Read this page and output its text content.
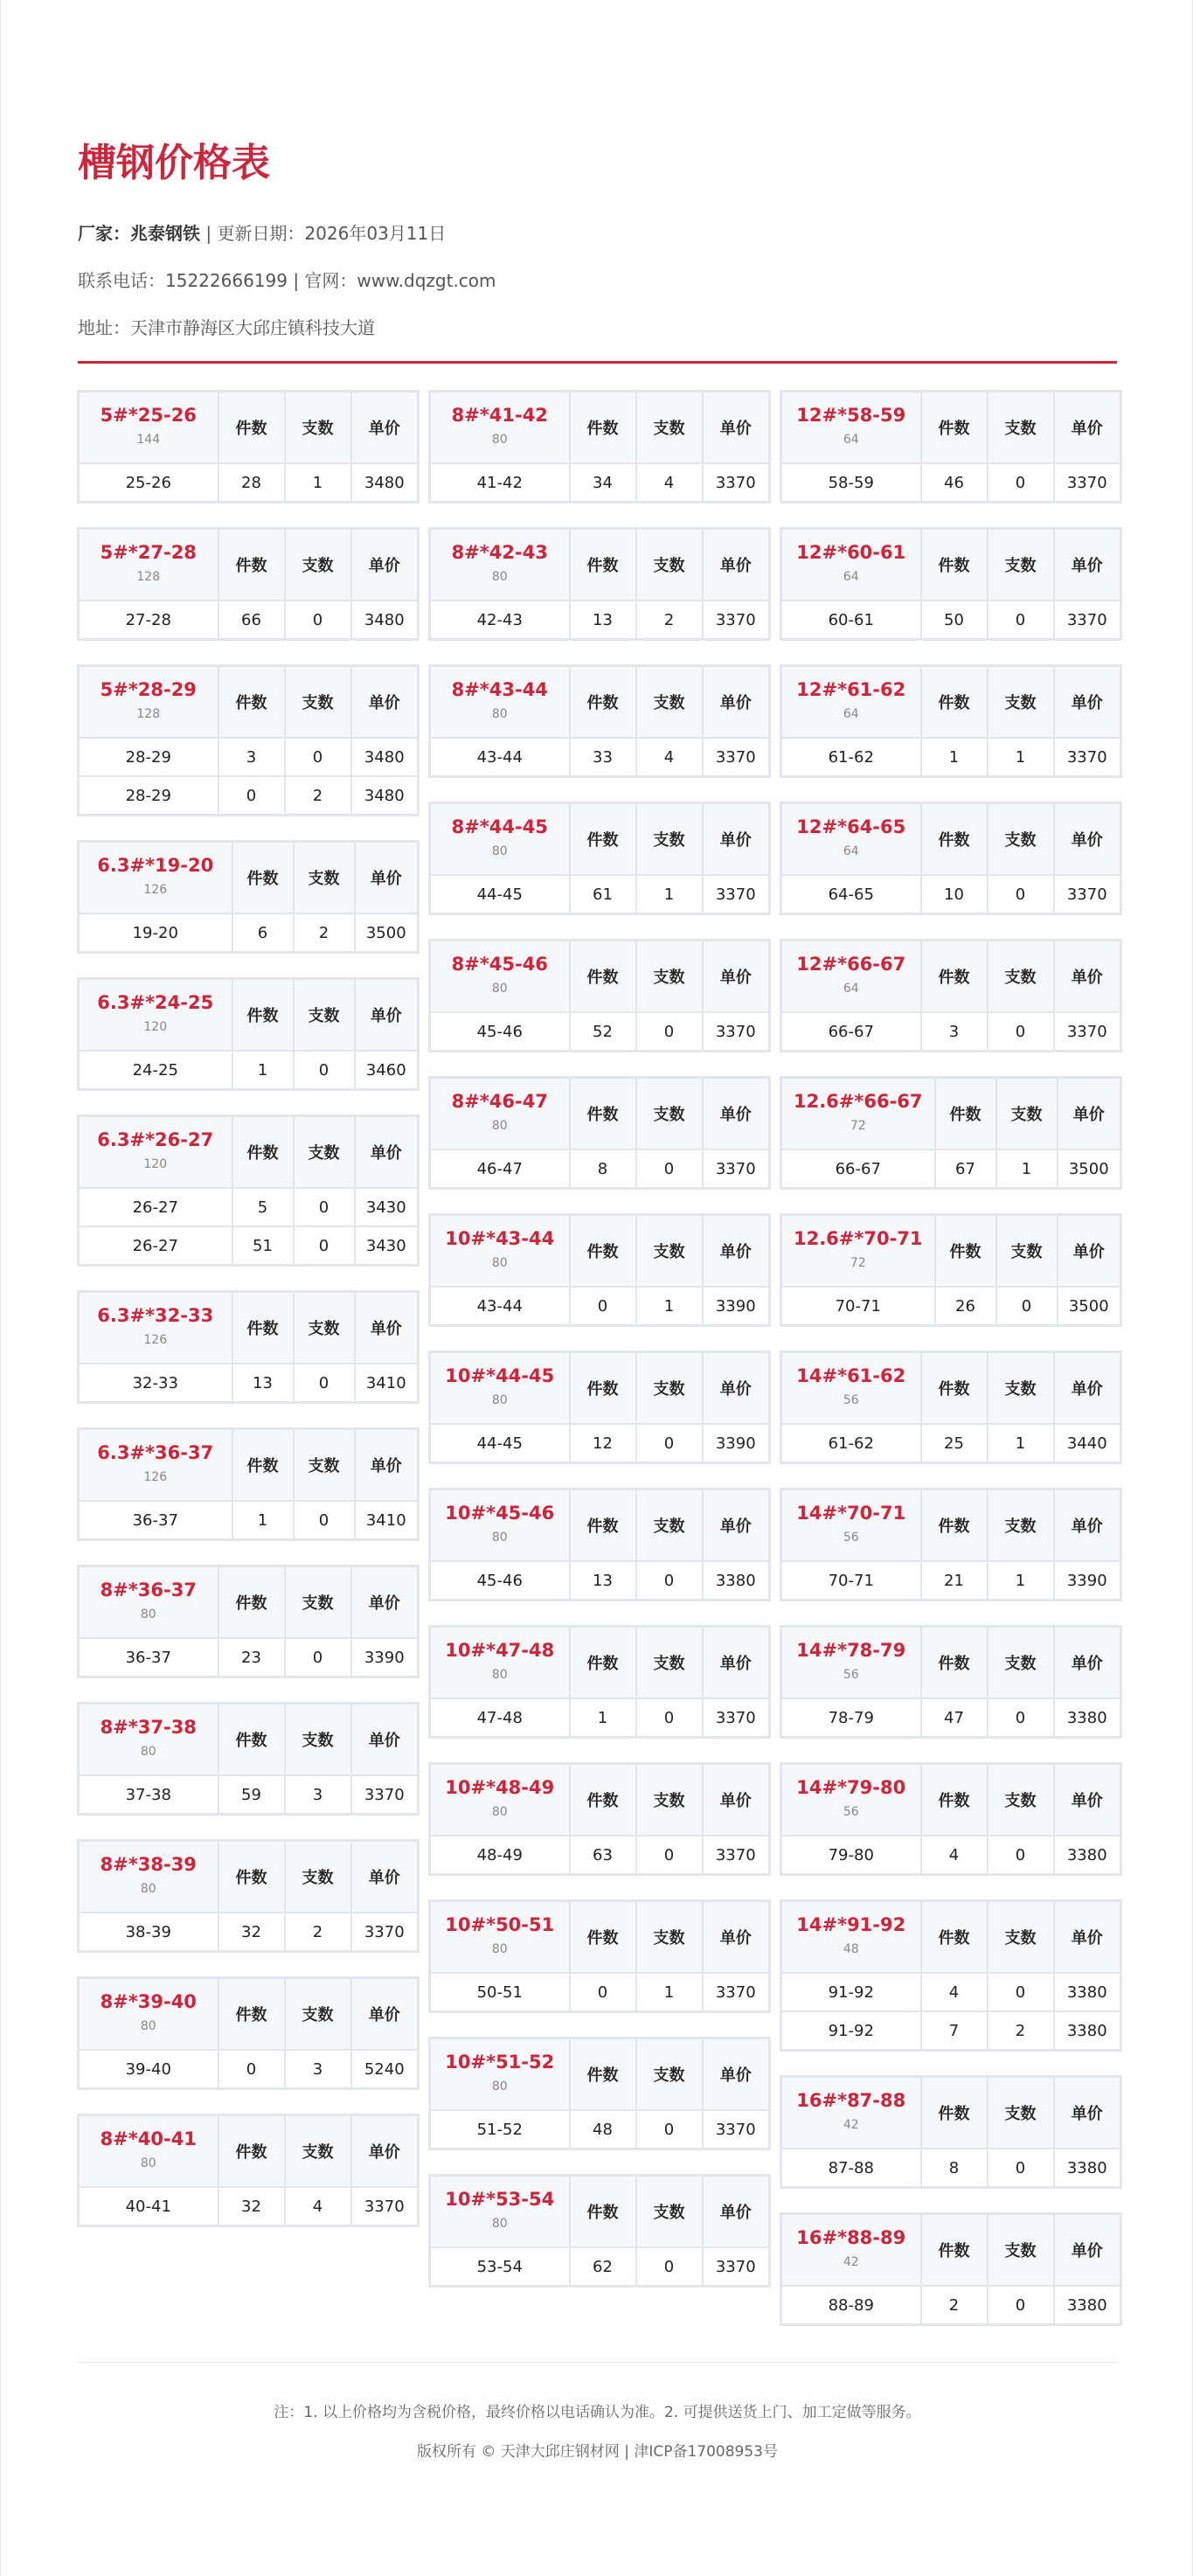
槽钢价格表
厂家：兆泰钢铁 | 更新日期：2026年03月11日
联系电话：15222666199 | 官网：www.dqzgt.com
地址：天津市静海区大邱庄镇科技大道
5#*25-26
144	件数	支数	单价
25-26	28	1	3480
5#*27-28
128	件数	支数	单价
27-28	66	0	3480
5#*28-29
128	件数	支数	单价
28-29	3	0	3480
28-29	0	2	3480
6.3#*19-20
126	件数	支数	单价
19-20	6	2	3500
6.3#*24-25
120	件数	支数	单价
24-25	1	0	3460
6.3#*26-27
120	件数	支数	单价
26-27	5	0	3430
26-27	51	0	3430
6.3#*32-33
126	件数	支数	单价
32-33	13	0	3410
6.3#*36-37
126	件数	支数	单价
36-37	1	0	3410
8#*36-37
80	件数	支数	单价
36-37	23	0	3390
8#*37-38
80	件数	支数	单价
37-38	59	3	3370
8#*38-39
80	件数	支数	单价
38-39	32	2	3370
8#*39-40
80	件数	支数	单价
39-40	0	3	5240
8#*40-41
80	件数	支数	单价
40-41	32	4	3370
8#*41-42
80	件数	支数	单价
41-42	34	4	3370
8#*42-43
80	件数	支数	单价
42-43	13	2	3370
8#*43-44
80	件数	支数	单价
43-44	33	4	3370
8#*44-45
80	件数	支数	单价
44-45	61	1	3370
8#*45-46
80	件数	支数	单价
45-46	52	0	3370
8#*46-47
80	件数	支数	单价
46-47	8	0	3370
10#*43-44
80	件数	支数	单价
43-44	0	1	3390
10#*44-45
80	件数	支数	单价
44-45	12	0	3390
10#*45-46
80	件数	支数	单价
45-46	13	0	3380
10#*47-48
80	件数	支数	单价
47-48	1	0	3370
10#*48-49
80	件数	支数	单价
48-49	63	0	3370
10#*50-51
80	件数	支数	单价
50-51	0	1	3370
10#*51-52
80	件数	支数	单价
51-52	48	0	3370
10#*53-54
80	件数	支数	单价
53-54	62	0	3370
12#*58-59
64	件数	支数	单价
58-59	46	0	3370
12#*60-61
64	件数	支数	单价
60-61	50	0	3370
12#*61-62
64	件数	支数	单价
61-62	1	1	3370
12#*64-65
64	件数	支数	单价
64-65	10	0	3370
12#*66-67
64	件数	支数	单价
66-67	3	0	3370
12.6#*66-67
72	件数	支数	单价
66-67	67	1	3500
12.6#*70-71
72	件数	支数	单价
70-71	26	0	3500
14#*61-62
56	件数	支数	单价
61-62	25	1	3440
14#*70-71
56	件数	支数	单价
70-71	21	1	3390
14#*78-79
56	件数	支数	单价
78-79	47	0	3380
14#*79-80
56	件数	支数	单价
79-80	4	0	3380
14#*91-92
48	件数	支数	单价
91-92	4	0	3380
91-92	7	2	3380
16#*87-88
42	件数	支数	单价
87-88	8	0	3380
16#*88-89
42	件数	支数	单价
88-89	2	0	3380
注：1. 以上价格均为含税价格，最终价格以电话确认为准。2. 可提供送货上门、加工定做等服务。
版权所有 © 天津大邱庄钢材网 | 津ICP备17008953号
